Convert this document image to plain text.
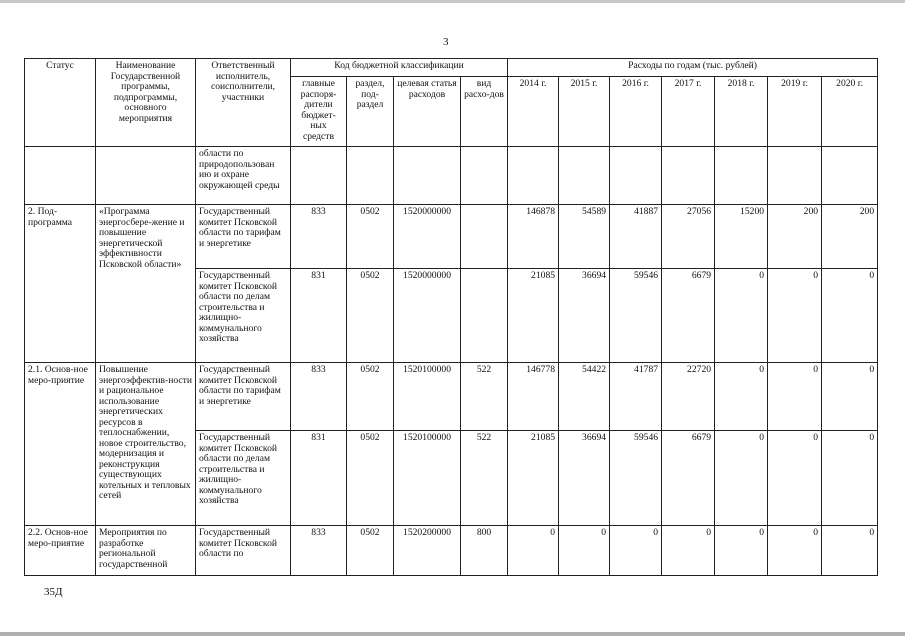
3
Статус	Наименование Государственной программы, подпрограммы, основного мероприятия	Ответственный исполнитель, соисполнители, участники	Код бюджетной классификации				Расходы по годам (тыс. рублей)						
			главные распоря-дители бюджет-ных средств	раздел, под-раздел	целевая статья расходов	вид расхо-дов	2014 г.	2015 г.	2016 г.	2017 г.	2018 г.	2019 г.	2020 г.
		области по природопользован ию и охране окружающей среды											
2. Под-программа	«Программа энергосбере-жение и повышение энергетической эффективности Псковской области»	Государственный комитет Псковской области по тарифам и энергетике	833	0502	1520000000		146878	54589	41887	27056	15200	200	200
		Государственный комитет Псковской области по делам строительства и жилищно-коммунального хозяйства	831	0502	1520000000		21085	36694	59546	6679	0	0	0
2.1. Основ-ное меро-приятие	Повышение энергоэффектив-ности и рациональное использование энергетических ресурсов в теплоснабжении, новое строительство, модернизация и реконструкция существующих котельных и тепловых сетей	Государственный комитет Псковской области по тарифам и энергетике	833	0502	1520100000	522	146778	54422	41787	22720	0	0	0
		Государственный комитет Псковской области по делам строительства и жилищно-коммунального хозяйства	831	0502	1520100000	522	21085	36694	59546	6679	0	0	0
2.2. Основ-ное меро-приятие	Мероприятия по разработке региональной государственной	Государственный комитет Псковской области по	833	0502	1520200000	800	0	0	0	0	0	0	0
35Д
